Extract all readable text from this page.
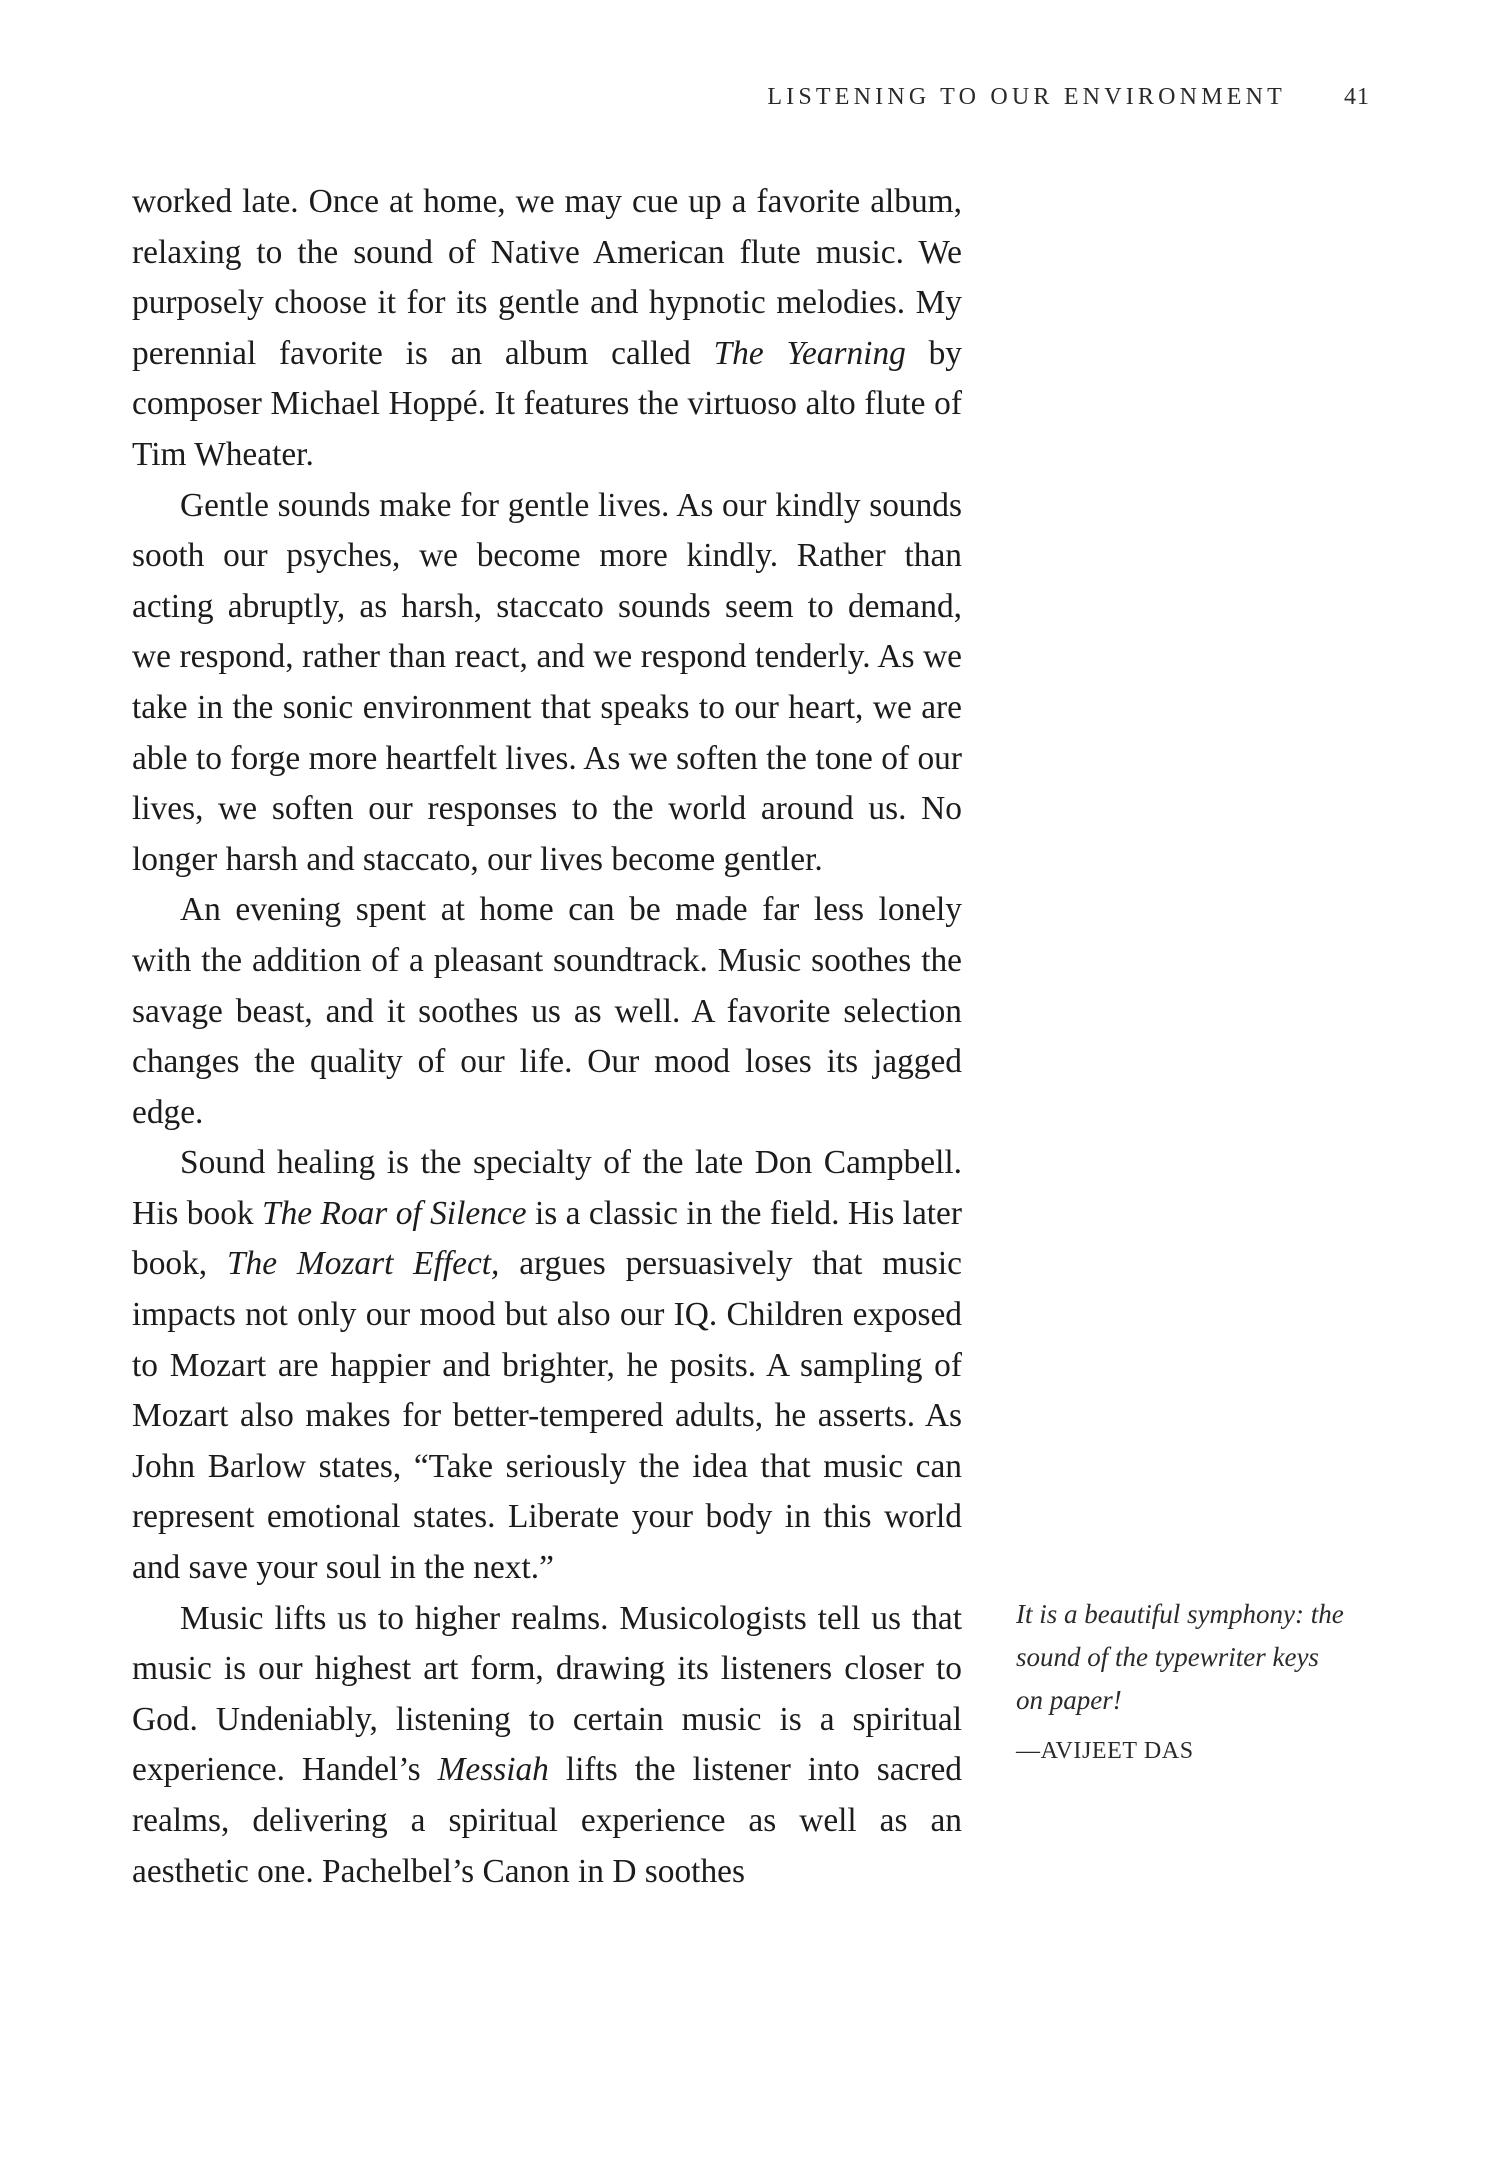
LISTENING TO OUR ENVIRONMENT 41

worked late. Once at home, we may cue up a favorite album, relaxing to the sound of Native American flute music. We purposely choose it for its gentle and hypnotic melodies. My perennial favorite is an album called The Yearning by composer Michael Hoppé. It features the virtuoso alto flute of Tim Wheater.

Gentle sounds make for gentle lives. As our kindly sounds sooth our psyches, we become more kindly. Rather than acting abruptly, as harsh, staccato sounds seem to demand, we respond, rather than react, and we respond tenderly. As we take in the sonic environment that speaks to our heart, we are able to forge more heartfelt lives. As we soften the tone of our lives, we soften our responses to the world around us. No longer harsh and staccato, our lives become gentler.

An evening spent at home can be made far less lonely with the addition of a pleasant soundtrack. Music soothes the savage beast, and it soothes us as well. A favorite selection changes the quality of our life. Our mood loses its jagged edge.

Sound healing is the specialty of the late Don Campbell. His book The Roar of Silence is a classic in the field. His later book, The Mozart Effect, argues persuasively that music impacts not only our mood but also our IQ. Children exposed to Mozart are happier and brighter, he posits. A sampling of Mozart also makes for better-tempered adults, he asserts. As John Barlow states, “Take seriously the idea that music can represent emotional states. Liberate your body in this world and save your soul in the next.”

Music lifts us to higher realms. Musicologists tell us that music is our highest art form, drawing its listeners closer to God. Undeniably, listening to certain music is a spiritual experience. Handel’s Messiah lifts the listener into sacred realms, delivering a spiritual experience as well as an aesthetic one. Pachelbel’s Canon in D soothes

It is a beautiful symphony: the sound of the typewriter keys on paper!

—AVIJEET DAS
